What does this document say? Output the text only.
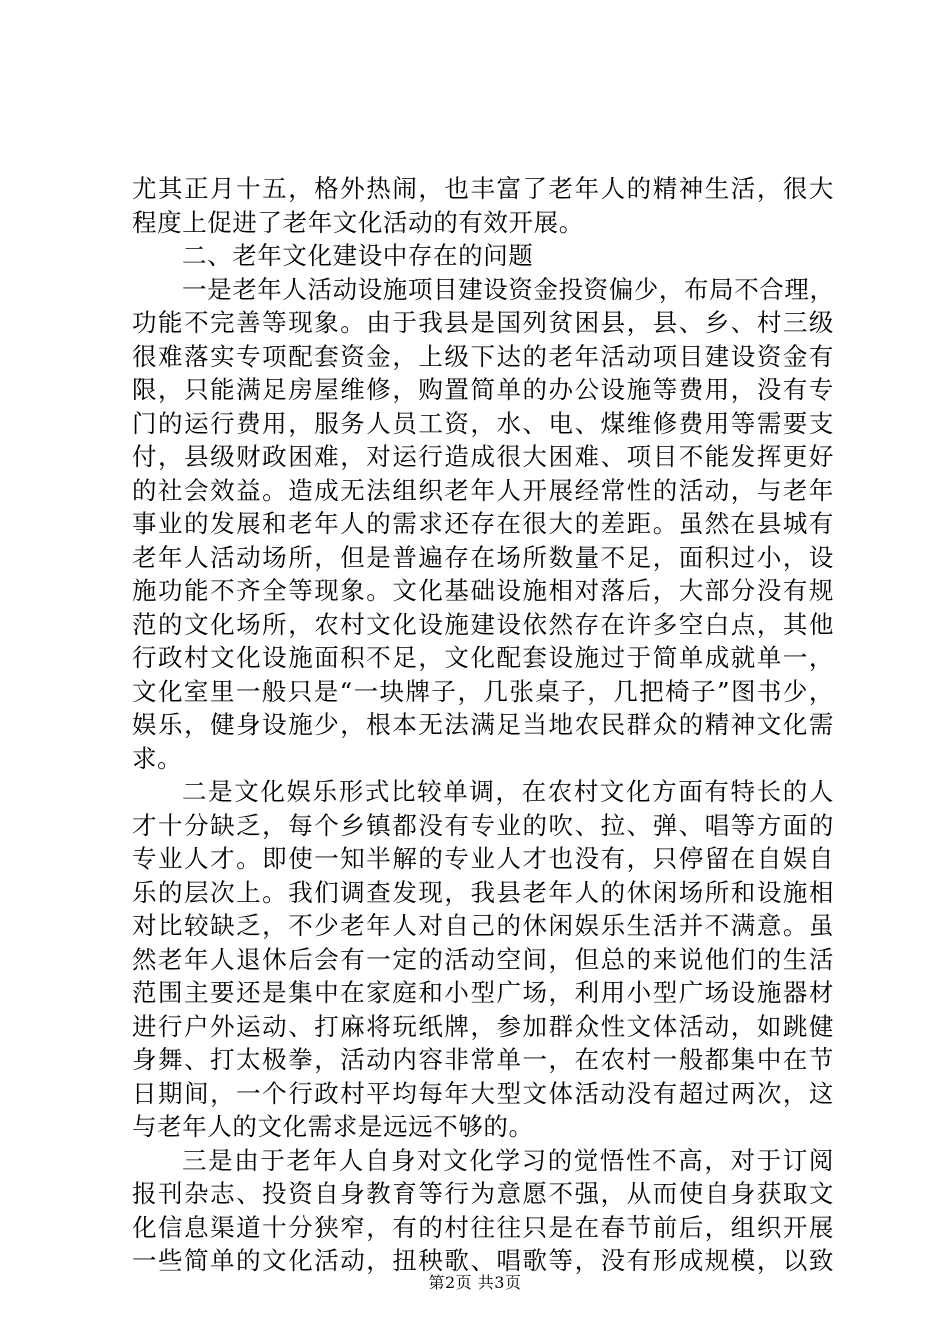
尤其正月十五，格外热闹，也丰富了老年人的精神生活，很大
程度上促进了老年文化活动的有效开展。
二、老年文化建设中存在的问题
一是老年人活动设施项目建设资金投资偏少，布局不合理，
功能不完善等现象。由于我县是国列贫困县，县、乡、村三级
很难落实专项配套资金，上级下达的老年活动项目建设资金有
限，只能满足房屋维修，购置简单的办公设施等费用，没有专
门的运行费用，服务人员工资，水、电、煤维修费用等需要支
付，县级财政困难，对运行造成很大困难、项目不能发挥更好
的社会效益。造成无法组织老年人开展经常性的活动，与老年
事业的发展和老年人的需求还存在很大的差距。虽然在县城有
老年人活动场所，但是普遍存在场所数量不足，面积过小，设
施功能不齐全等现象。文化基础设施相对落后，大部分没有规
范的文化场所，农村文化设施建设依然存在许多空白点，其他
行政村文化设施面积不足，文化配套设施过于简单成就单一，
文化室里一般只是“一块牌子，几张桌子，几把椅子”图书少，
娱乐，健身设施少，根本无法满足当地农民群众的精神文化需
求。
二是文化娱乐形式比较单调，在农村文化方面有特长的人
才十分缺乏，每个乡镇都没有专业的吹、拉、弹、唱等方面的
专业人才。即使一知半解的专业人才也没有，只停留在自娱自
乐的层次上。我们调查发现，我县老年人的休闲场所和设施相
对比较缺乏，不少老年人对自己的休闲娱乐生活并不满意。虽
然老年人退休后会有一定的活动空间，但总的来说他们的生活
范围主要还是集中在家庭和小型广场，利用小型广场设施器材
进行户外运动、打麻将玩纸牌，参加群众性文体活动，如跳健
身舞、打太极拳，活动内容非常单一，在农村一般都集中在节
日期间，一个行政村平均每年大型文体活动没有超过两次，这
与老年人的文化需求是远远不够的。
三是由于老年人自身对文化学习的觉悟性不高，对于订阅
报刊杂志、投资自身教育等行为意愿不强，从而使自身获取文
化信息渠道十分狭窄，有的村往往只是在春节前后，组织开展
一些简单的文化活动，扭秧歌、唱歌等，没有形成规模，以致
第2页 共3页
